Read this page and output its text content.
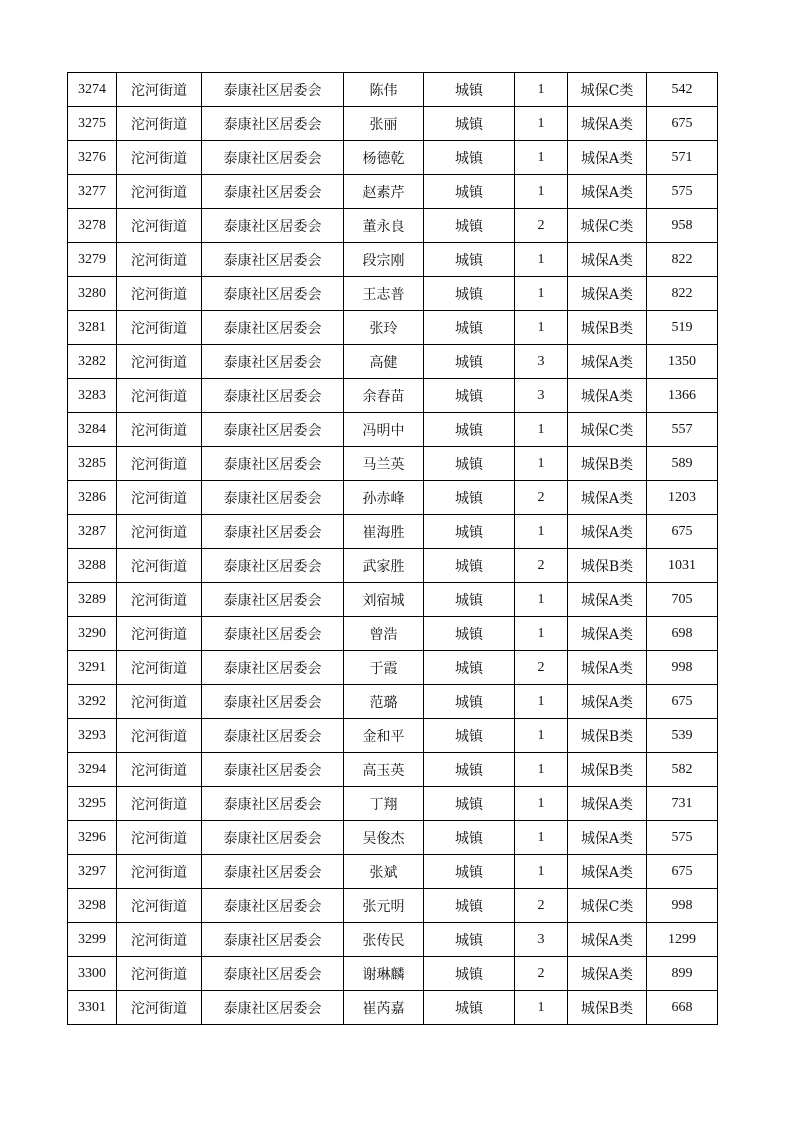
3274	沱河街道	泰康社区居委会	陈伟	城镇	1	城保C类	542
3275	沱河街道	泰康社区居委会	张丽	城镇	1	城保A类	675
3276	沱河街道	泰康社区居委会	杨德乾	城镇	1	城保A类	571
3277	沱河街道	泰康社区居委会	赵素芹	城镇	1	城保A类	575
3278	沱河街道	泰康社区居委会	董永良	城镇	2	城保C类	958
3279	沱河街道	泰康社区居委会	段宗刚	城镇	1	城保A类	822
3280	沱河街道	泰康社区居委会	王志普	城镇	1	城保A类	822
3281	沱河街道	泰康社区居委会	张玲	城镇	1	城保B类	519
3282	沱河街道	泰康社区居委会	高健	城镇	3	城保A类	1350
3283	沱河街道	泰康社区居委会	余春苗	城镇	3	城保A类	1366
3284	沱河街道	泰康社区居委会	冯明中	城镇	1	城保C类	557
3285	沱河街道	泰康社区居委会	马兰英	城镇	1	城保B类	589
3286	沱河街道	泰康社区居委会	孙赤峰	城镇	2	城保A类	1203
3287	沱河街道	泰康社区居委会	崔海胜	城镇	1	城保A类	675
3288	沱河街道	泰康社区居委会	武家胜	城镇	2	城保B类	1031
3289	沱河街道	泰康社区居委会	刘宿城	城镇	1	城保A类	705
3290	沱河街道	泰康社区居委会	曾浩	城镇	1	城保A类	698
3291	沱河街道	泰康社区居委会	于霞	城镇	2	城保A类	998
3292	沱河街道	泰康社区居委会	范璐	城镇	1	城保A类	675
3293	沱河街道	泰康社区居委会	金和平	城镇	1	城保B类	539
3294	沱河街道	泰康社区居委会	高玉英	城镇	1	城保B类	582
3295	沱河街道	泰康社区居委会	丁翔	城镇	1	城保A类	731
3296	沱河街道	泰康社区居委会	吴俊杰	城镇	1	城保A类	575
3297	沱河街道	泰康社区居委会	张斌	城镇	1	城保A类	675
3298	沱河街道	泰康社区居委会	张元明	城镇	2	城保C类	998
3299	沱河街道	泰康社区居委会	张传民	城镇	3	城保A类	1299
3300	沱河街道	泰康社区居委会	谢琳麟	城镇	2	城保A类	899
3301	沱河街道	泰康社区居委会	崔芮嘉	城镇	1	城保B类	668
